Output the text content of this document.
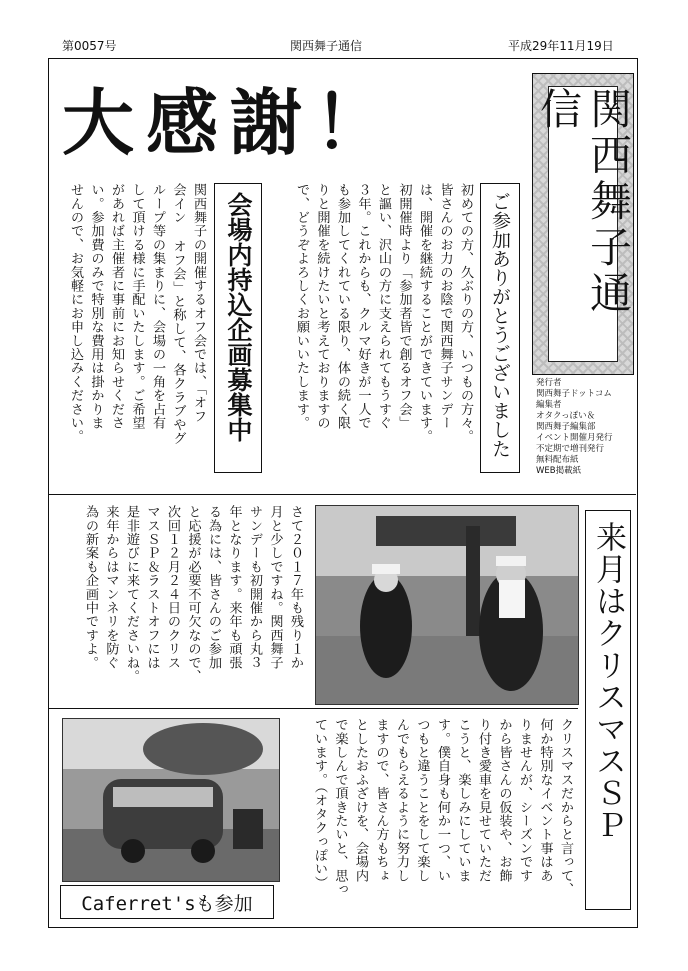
第0057号	関西舞子通信	平成29年11月19日
大感謝！	関西舞子通信
発行者
関西舞子ドットコム
編集者
オタクっぽい＆
関西舞子編集部
イベント開催月発行
不定期で増刊発行
無料配布紙
WEB掲載紙
ご参加ありがとうございました
初めての方、久ぶりの方、いつもの方々。
皆さんのお力のお陰で関西舞子サンデー
は、開催を継続することができています。
初開催時より「参加者皆で創るオフ会」
と謳い、沢山の方に支えられてもうすぐ
３年。これからも、クルマ好きが一人で
も参加してくれている限り、体の続く限
りと開催を続けたいと考えておりますの
で、どうぞよろしくお願いいたします。
会場内持込企画募集中
関西舞子の開催するオフ会では、「オフ
会イン オフ会」と称して、各クラブやグ
ループ等の集まりに、会場の一角を占有
して頂ける様に手配いたします。ご希望
があれば主催者に事前にお知らせくださ
い。参加費のみで特別な費用は掛かりま
せんので、お気軽にお申し込みください。
来月はクリスマスＳＰ
さて２０１７年も残り１か
月と少しですね。関西舞子
サンデーも初開催から丸３
年となります。来年も頑張
る為には、皆さんのご参加
と応援が必要不可欠なので、
次回１２月２４日のクリス
マスＳＰ＆ラストオフには
是非遊びに来てくださいね。
来年からはマンネリを防ぐ
為の新案も企画中ですよ。
クリスマスだからと言って、
何か特別なイベント事はあ
りませんが、シーズンです
から皆さんの仮装や、お飾
り付き愛車を見せていただ
こうと、楽しみにしていま
す。僕自身も何か一つ、い
つもと違うことをして楽し
んでもらえるように努力し
ますので、皆さん方もちょ
としたおふざけを、会場内
で楽しんで頂きたいと、思っ
ています。（オタクっぽい）
Caferret'sも参加
